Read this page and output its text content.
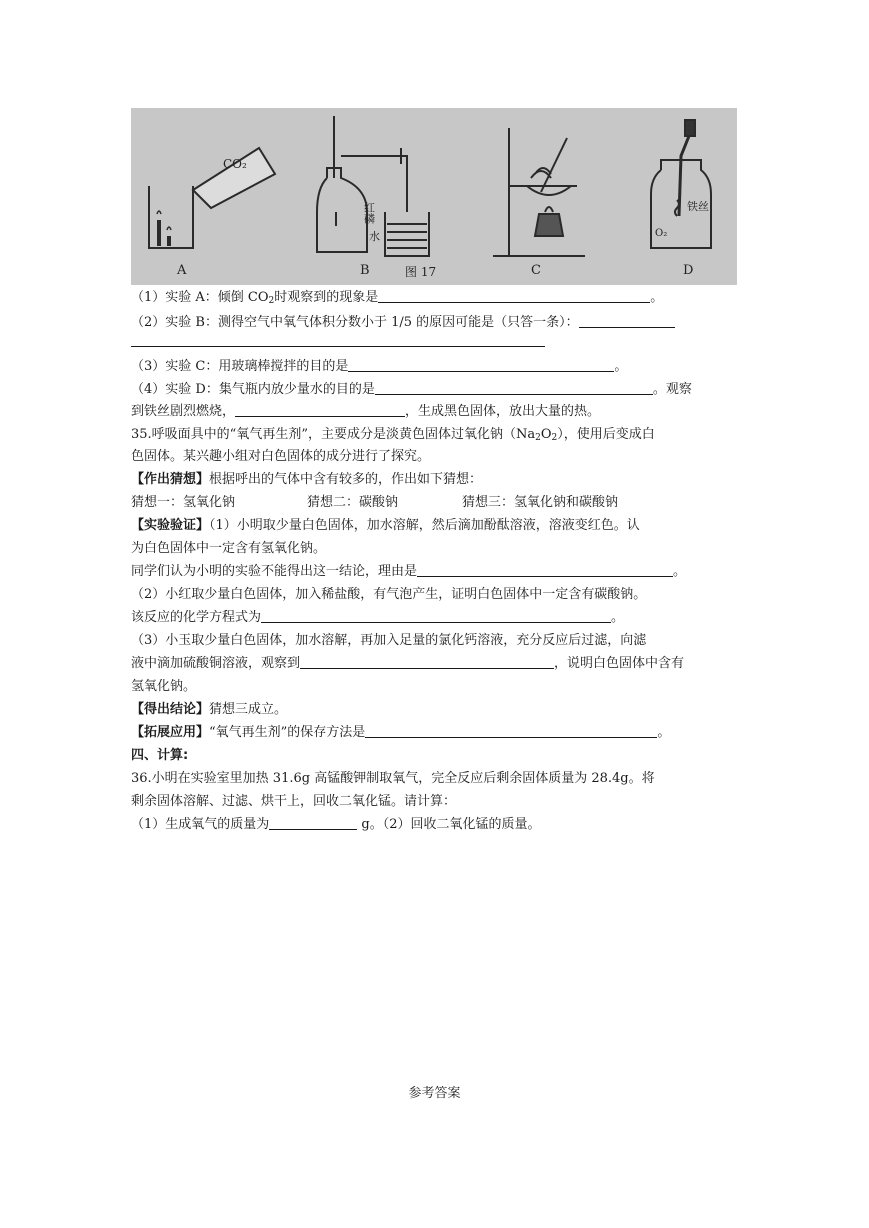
CO₂
A
红磷
水
B	图 17	C
铁丝
O₂
D
（1）实验 A：倾倒 $CO_2$时观察到的现象是	。
（2）实验 B：测得空气中氧气体积分数小于 1/5 的原因可能是（只答一条）：
（3）实验 C：用玻璃棒搅拌的目的是	。
（4）实验 D：集气瓶内放少量水的目的是	。观察
到铁丝剧烈燃烧，	，生成黑色固体，放出大量的热。
35.呼吸面具中的“氧气再生剂”，主要成分是淡黄色固体过氧化钠$(Na_2O_2)$，使用后变成白
色固体。某兴趣小组对白色固体的成分进行了探究。
【作出猜想】根据呼出的气体中含有较多的，作出如下猜想：
猜想一：氢氧化钠	猜想二：碳酸钠	猜想三：氢氧化钠和碳酸钠
【实验验证】（1）小明取少量白色固体，加水溶解，然后滴加酚酞溶液，溶液变红色。认
为白色固体中一定含有氢氧化钠。
同学们认为小明的实验不能得出这一结论，理由是	。
（2）小红取少量白色固体，加入稀盐酸，有气泡产生，证明白色固体中一定含有碳酸钠。
该反应的化学方程式为	。
（3）小玉取少量白色固体，加水溶解，再加入足量的氯化钙溶液，充分反应后过滤，向滤
液中滴加硫酸铜溶液，观察到	，说明白色固体中含有
氢氧化钠。
【得出结论】猜想三成立。
【拓展应用】“氧气再生剂”的保存方法是	。
四、计算:
36.小明在实验室里加热 31.6g 高锰酸钾制取氧气，完全反应后剩余固体质量为 28.4g。将
剩余固体溶解、过滤、烘干上，回收二氧化锰。请计算：
（1）生成氧气的质量为	g。（2）回收二氧化锰的质量。
参考答案
